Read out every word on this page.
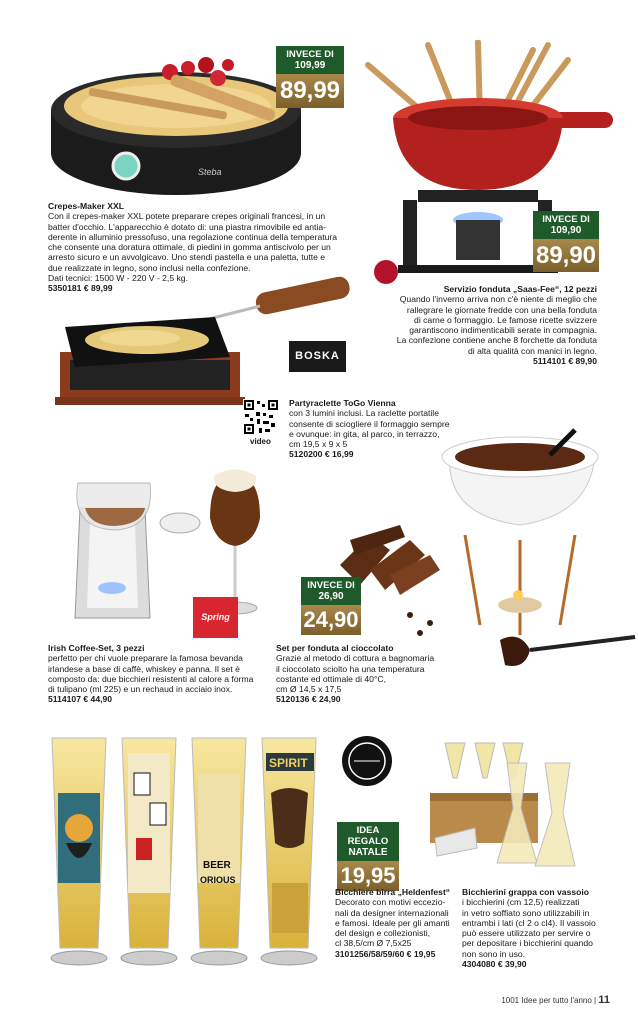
Steba
INVECE DI
109,99
89,99
Crepes-Maker XXL
Con il crepes-maker XXL potete preparare crepes originali francesi, in un
batter d'occhio. L'apparecchio è dotato di: una piastra rimovibile ed antia-
derente in alluminio pressofuso, una regolazione continua della temperatura
che consente una doratura ottimale, di piedini in gomma antiscivolo per un
arresto sicuro e un avvolgicavo. Uno stendi pastella e una paletta, tutte e
due realizzate in legno, sono inclusi nella confezione.
Dati tecnici: 1500 W - 220 V - 2,5 kg.
5350181 € 89,99
INVECE DI
109,90
89,90
Servizio fonduta „Saas-Fee“, 12 pezzi
Quando l'inverno arriva non c'è niente di meglio che
rallegrare le giornate fredde con una bella fonduta
di carne o formaggio. Le famose ricette svizzere
garantiscono indimenticabili serate in compagnia.
La confezione contiene anche 8 forchette da fonduta
di alta qualità con manici in legno.
5114101 € 89,90
BOSKA
video
Partyraclette ToGo Vienna
con 3 lumini inclusi. La raclette portatile
consente di sciogliere il formaggio sempre
e ovunque: in gita, al parco, in terrazzo,
cm 19,5 x 9 x 5
5120200 € 16,99
Spring
Irish Coffee-Set, 3 pezzi
perfetto per chi vuole preparare la famosa bevanda
irlandese a base di caffè, whiskey e panna. Il set è
composto da: due bicchieri resistenti al calore a forma
di tulipano (ml 225) e un rechaud in acciaio inox.
5114107 € 44,90
INVECE DI
26,90
24,90
Set per fonduta al cioccolato
Grazie al metodo di cottura a bagnomaria
il cioccolato sciolto ha una temperatura
costante ed ottimale di 40°C,
cm Ø 14,5 x 17,5
5120136 € 24,90
BEER
ORIOUS
SPIRIT
IDEA REGALO
NATALE
19,95
Bicchiere birra „Heldenfest“
Decorato con motivi eccezio-
nali da designer internazionali
e famosi. Ideale per gli amanti
del design e collezionisti,
cl 38,5/cm Ø 7,5x25
3101256/58/59/60 € 19,95
Bicchierini grappa con vassoio
i bicchierini (cm 12,5) realizzati
in vetro soffiato sono utilizzabili in
entrambi i lati (cl 2 o cl4). Il vassoio
può essere utilizzato per servire o
per depositare i bicchierini quando
non sono in uso.
4304080 € 39,90
1001 Idee per tutto l'anno | 11
